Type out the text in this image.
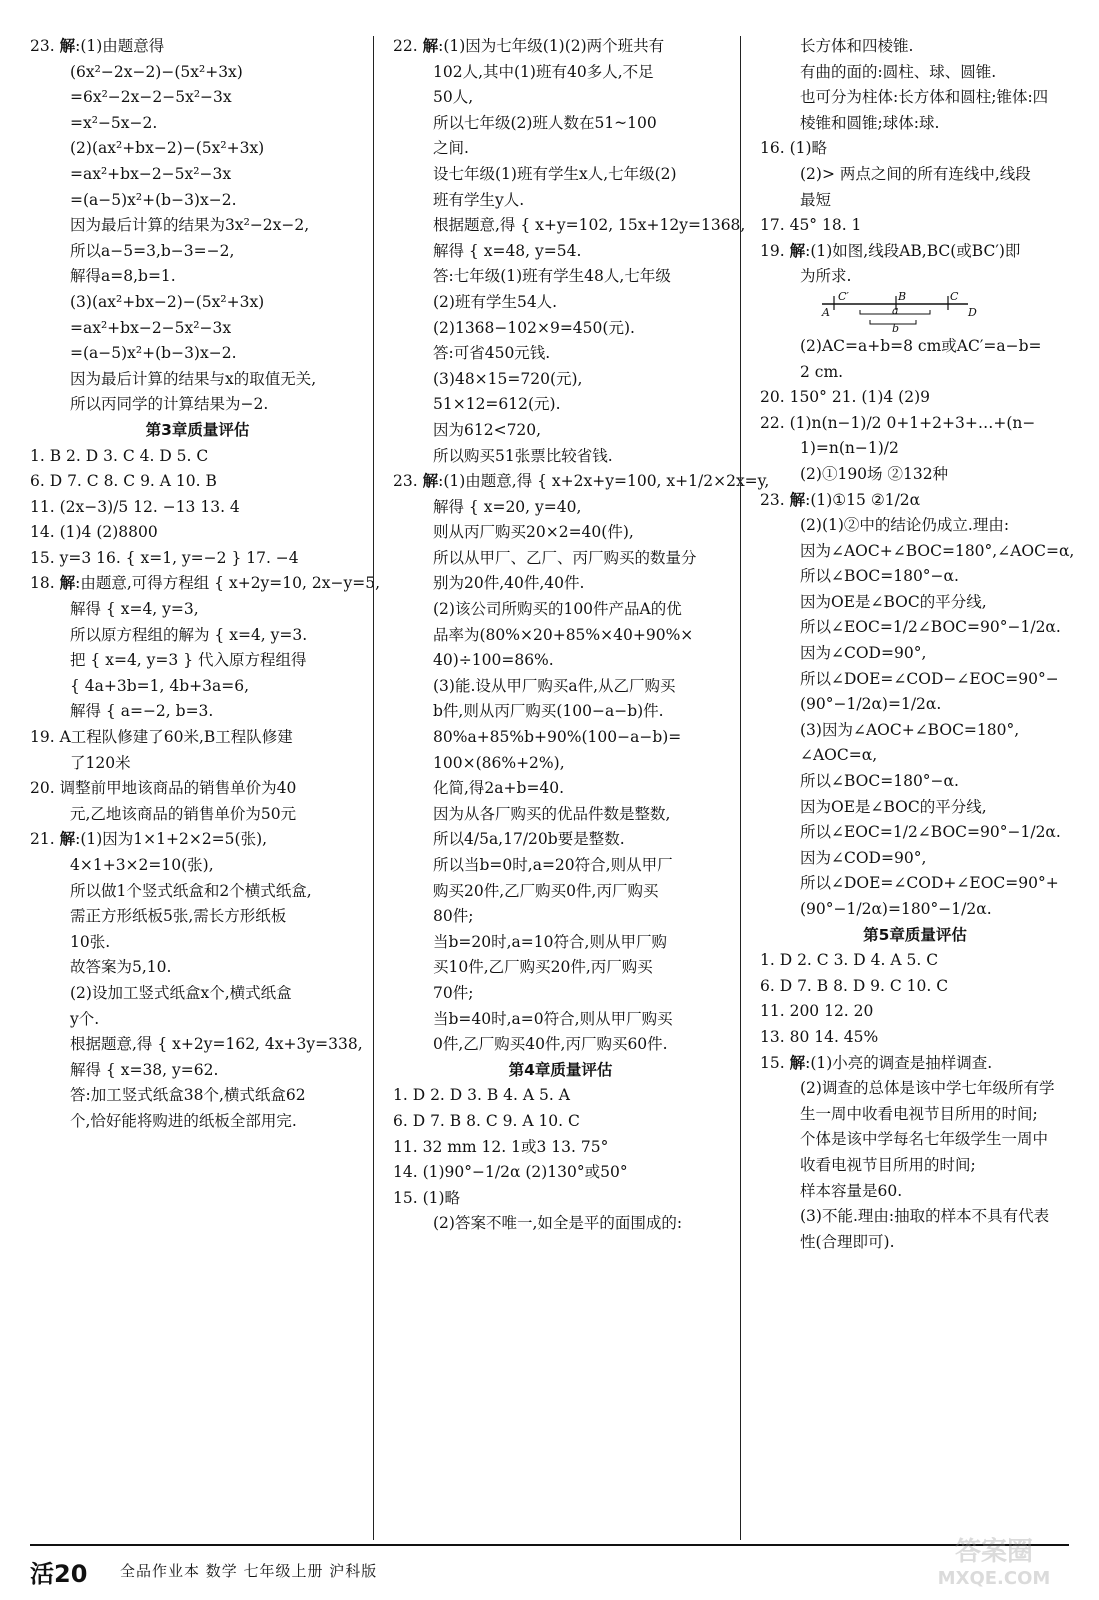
23. 解:(1)由题意得
(6x²−2x−2)−(5x²+3x)
=6x²−2x−2−5x²−3x
=x²−5x−2.
(2)(ax²+bx−2)−(5x²+3x)
=ax²+bx−2−5x²−3x
=(a−5)x²+(b−3)x−2.
因为最后计算的结果为3x²−2x−2,
所以a−5=3,b−3=−2,
解得a=8,b=1.
(3)(ax²+bx−2)−(5x²+3x)
=ax²+bx−2−5x²−3x
=(a−5)x²+(b−3)x−2.
因为最后计算的结果与x的取值无关,
所以丙同学的计算结果为−2.
第3章质量评估
1. B 2. D 3. C 4. D 5. C
6. D 7. C 8. C 9. A 10. B
11. (2x−3)/5 12. −13 13. 4
14. (1)4 (2)8800
15. y=3 16. { x=1, y=−2 } 17. −4
18. 解:由题意,可得方程组 { x+2y=10, 2x−y=5,
解得 { x=4, y=3,
所以原方程组的解为 { x=4, y=3.
把 { x=4, y=3 } 代入原方程组得
{ 4a+3b=1, 4b+3a=6,
解得 { a=−2, b=3.
19. A工程队修建了60米,B工程队修建
了120米
20. 调整前甲地该商品的销售单价为40
元,乙地该商品的销售单价为50元
21. 解:(1)因为1×1+2×2=5(张),
4×1+3×2=10(张),
所以做1个竖式纸盒和2个横式纸盒,
需正方形纸板5张,需长方形纸板
10张.
故答案为5,10.
(2)设加工竖式纸盒x个,横式纸盒
y个.
根据题意,得 { x+2y=162, 4x+3y=338,
解得 { x=38, y=62.
答:加工竖式纸盒38个,横式纸盒62
个,恰好能将购进的纸板全部用完.
22. 解:(1)因为七年级(1)(2)两个班共有
102人,其中(1)班有40多人,不足
50人,
所以七年级(2)班人数在51~100
之间.
设七年级(1)班有学生x人,七年级(2)
班有学生y人.
根据题意,得 { x+y=102, 15x+12y=1368,
解得 { x=48, y=54.
答:七年级(1)班有学生48人,七年级
(2)班有学生54人.
(2)1368−102×9=450(元).
答:可省450元钱.
(3)48×15=720(元),
51×12=612(元).
因为612<720,
所以购买51张票比较省钱.
23. 解:(1)由题意,得 { x+2x+y=100, x+1/2×2x=y,
解得 { x=20, y=40,
则从丙厂购买20×2=40(件),
所以从甲厂、乙厂、丙厂购买的数量分
别为20件,40件,40件.
(2)该公司所购买的100件产品A的优
品率为(80%×20+85%×40+90%×
40)÷100=86%.
(3)能.设从甲厂购买a件,从乙厂购买
b件,则从丙厂购买(100−a−b)件.
80%a+85%b+90%(100−a−b)=
100×(86%+2%),
化简,得2a+b=40.
因为从各厂购买的优品件数是整数,
所以4/5a,17/20b要是整数.
所以当b=0时,a=20符合,则从甲厂
购买20件,乙厂购买0件,丙厂购买
80件;
当b=20时,a=10符合,则从甲厂购
买10件,乙厂购买20件,丙厂购买
70件;
当b=40时,a=0符合,则从甲厂购买
0件,乙厂购买40件,丙厂购买60件.
第4章质量评估
1. D 2. D 3. B 4. A 5. A
6. D 7. B 8. C 9. A 10. C
11. 32 mm 12. 1或3 13. 75°
14. (1)90°−1/2α (2)130°或50°
15. (1)略
(2)答案不唯一,如全是平的面围成的:
长方体和四棱锥.
有曲的面的:圆柱、球、圆锥.
也可分为柱体:长方体和圆柱;锥体:四
棱锥和圆锥;球体:球.
16. (1)略
(2)> 两点之间的所有连线中,线段
最短
17. 45° 18. 1
19. 解:(1)如图,线段AB,BC(或BC′)即
为所求.
C′	B	C
A	D
a
b
(2)AC=a+b=8 cm或AC′=a−b=
2 cm.
20. 150° 21. (1)4 (2)9
22. (1)n(n−1)/2 0+1+2+3+…+(n−
1)=n(n−1)/2
(2)①190场 ②132种
23. 解:(1)①15 ②1/2α
(2)(1)②中的结论仍成立.理由:
因为∠AOC+∠BOC=180°,∠AOC=α,
所以∠BOC=180°−α.
因为OE是∠BOC的平分线,
所以∠EOC=1/2∠BOC=90°−1/2α.
因为∠COD=90°,
所以∠DOE=∠COD−∠EOC=90°−
(90°−1/2α)=1/2α.
(3)因为∠AOC+∠BOC=180°,
∠AOC=α,
所以∠BOC=180°−α.
因为OE是∠BOC的平分线,
所以∠EOC=1/2∠BOC=90°−1/2α.
因为∠COD=90°,
所以∠DOE=∠COD+∠EOC=90°+
(90°−1/2α)=180°−1/2α.
第5章质量评估
1. D 2. C 3. D 4. A 5. C
6. D 7. B 8. D 9. C 10. C
11. 200 12. 20
13. 80 14. 45%
15. 解:(1)小亮的调查是抽样调查.
(2)调查的总体是该中学七年级所有学
生一周中收看电视节目所用的时间;
个体是该中学每名七年级学生一周中
收看电视节目所用的时间;
样本容量是60.
(3)不能.理由:抽取的样本不具有代表
性(合理即可).
活20 全品作业本 数学 七年级上册 沪科版
答案圈
MXQE.COM
